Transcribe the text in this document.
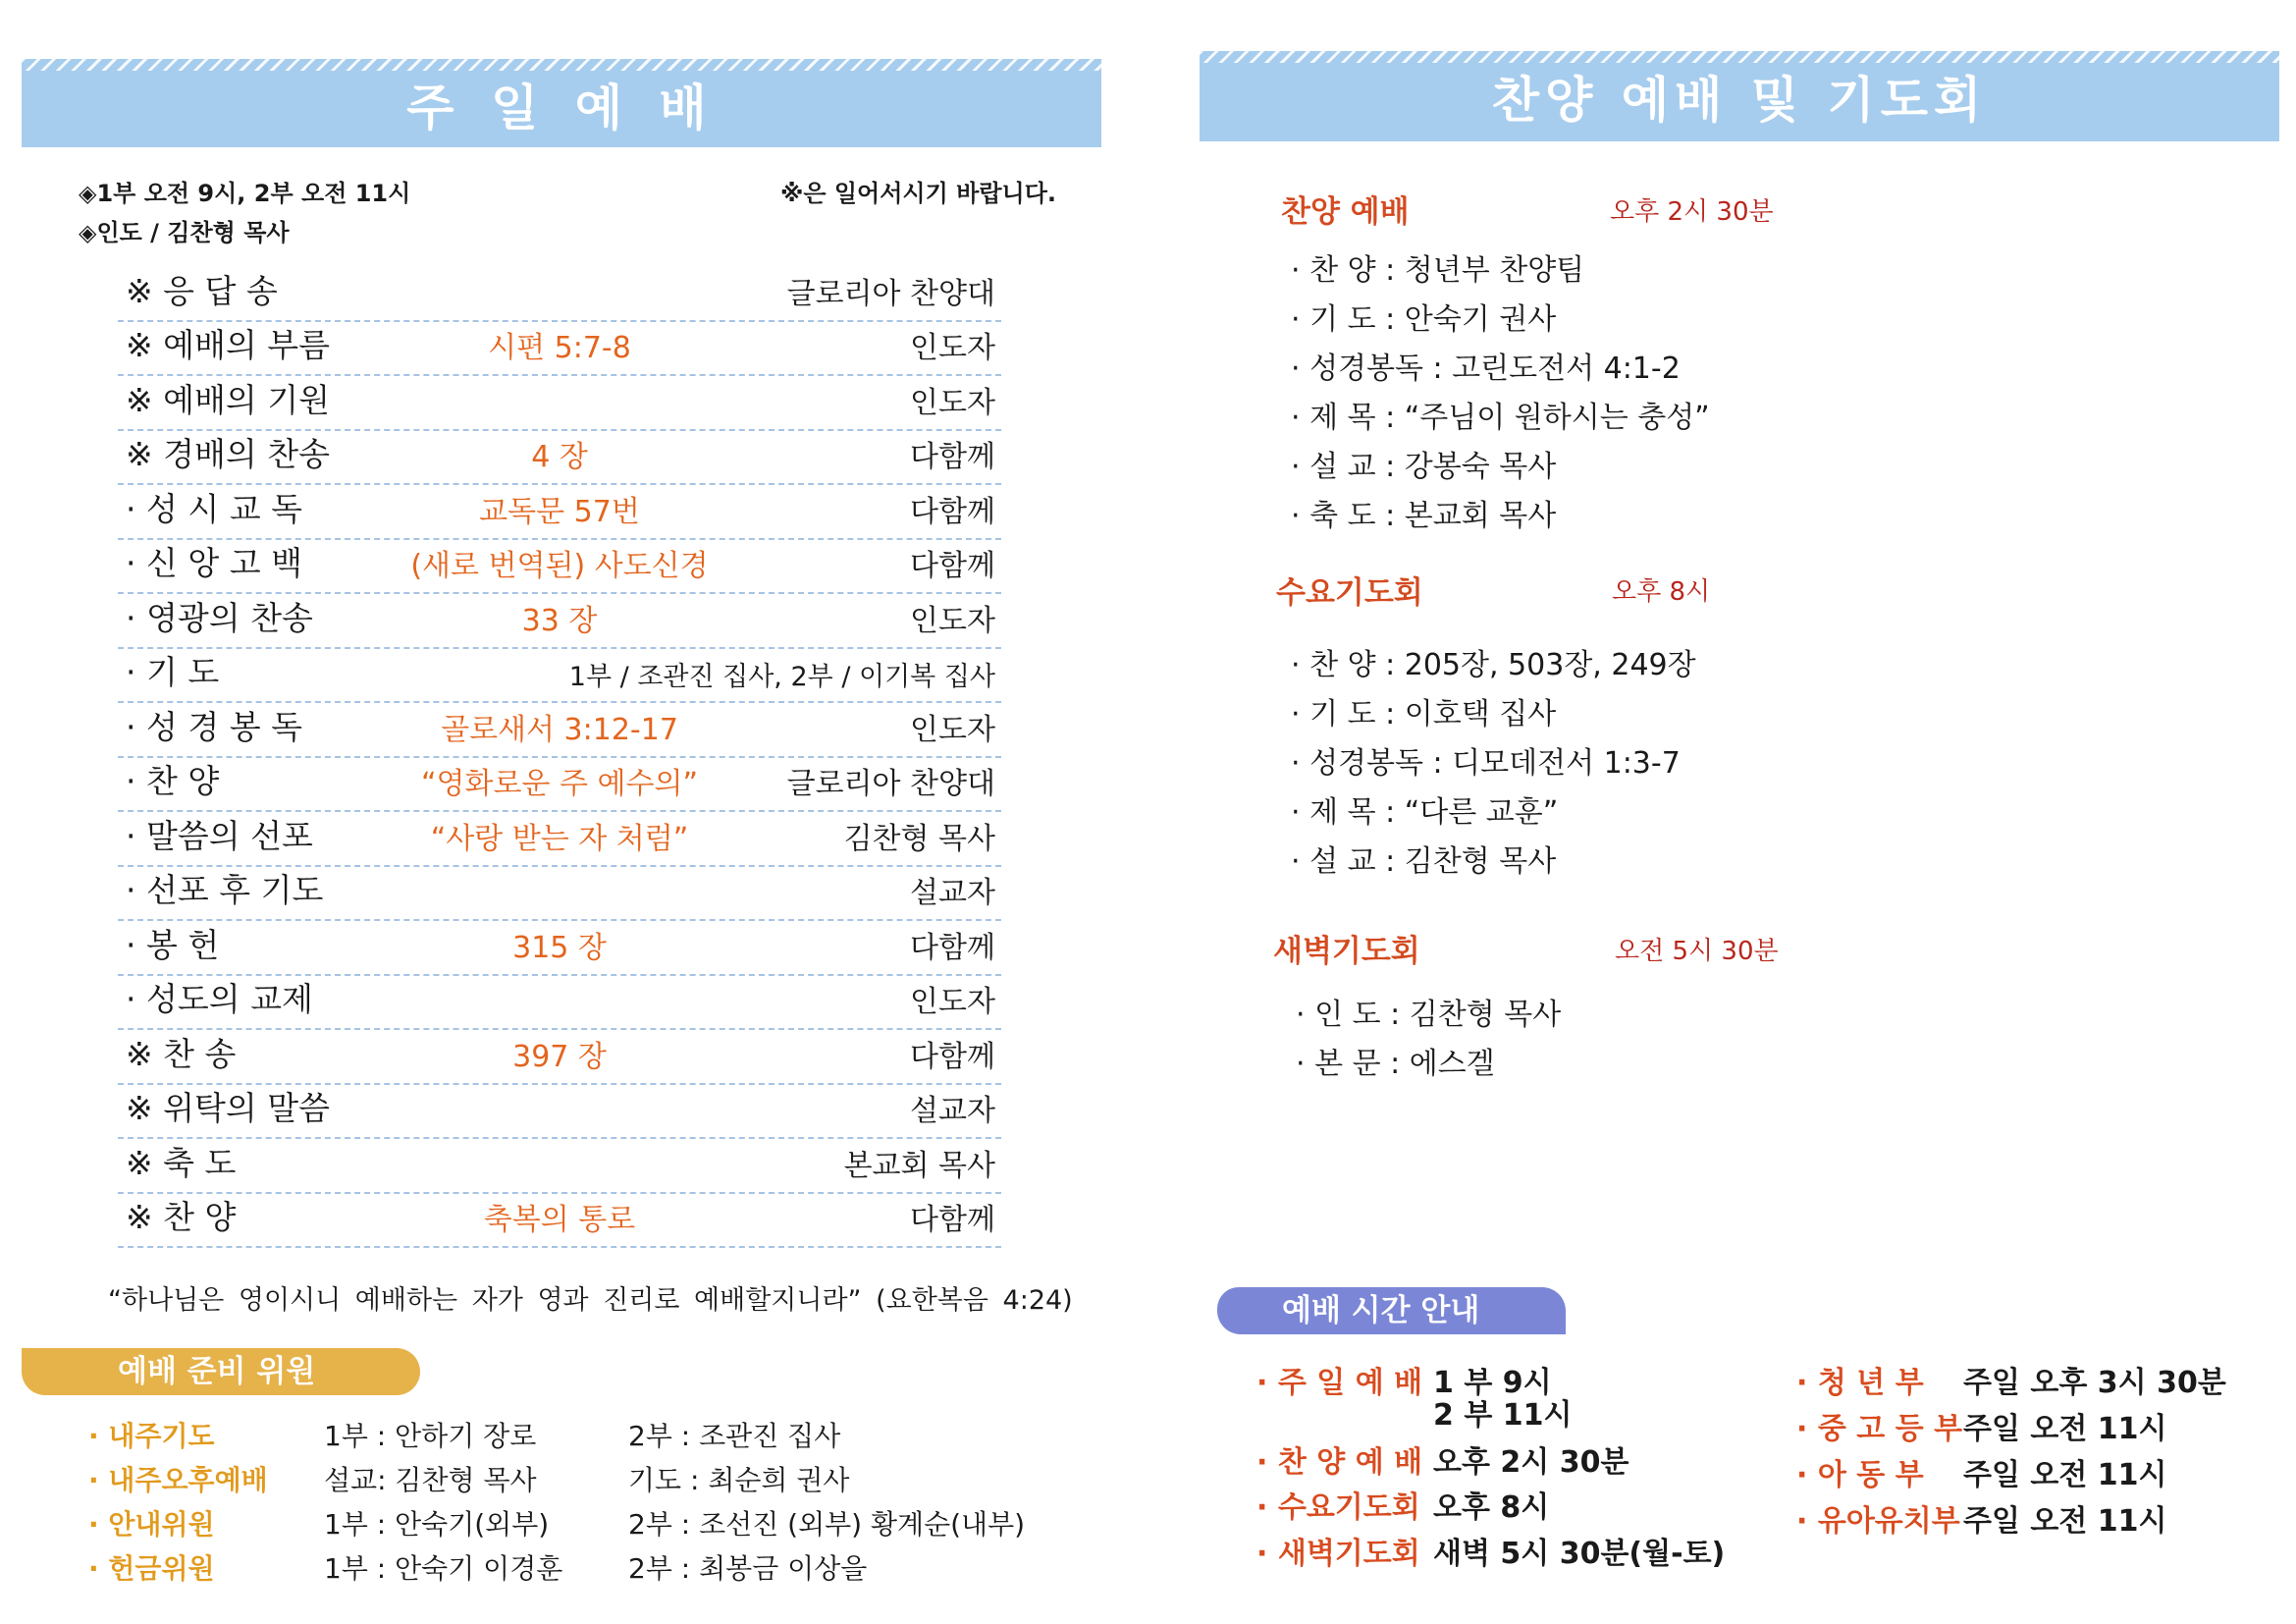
주 일 예 배
◈1부 오전 9시, 2부 오전 11시
◈인도 / 김찬형 목사
※은 일어서시기 바랍니다.
※ 응 답 송	글로리아 찬양대
※ 예배의 부름	시편 5:7-8	인도자
※ 예배의 기원	인도자
※ 경배의 찬송	4 장	다함께
· 성 시 교 독	교독문 57번	다함께
· 신 앙 고 백	(새로 번역된) 사도신경	다함께
· 영광의 찬송	33 장	인도자
· 기 도	1부 / 조관진 집사, 2부 / 이기복 집사
· 성 경 봉 독	골로새서 3:12-17	인도자
· 찬 양	“영화로운 주 예수의”	글로리아 찬양대
· 말씀의 선포	“사랑 받는 자 처럼”	김찬형 목사
· 선포 후 기도	설교자
· 봉 헌	315 장	다함께
· 성도의 교제	인도자
※ 찬 송	397 장	다함께
※ 위탁의 말씀	설교자
※ 축 도	본교회 목사
※ 찬 양	축복의 통로	다함께
“하나님은 영이시니 예배하는 자가 영과 진리로 예배할지니라” (요한복음 4:24)
예배 준비 위원
· 내주기도	1부 : 안하기 장로	2부 : 조관진 집사
· 내주오후예배 설교: 김찬형 목사	기도 : 최순희 권사
· 안내위원	1부 : 안숙기(외부)	2부 : 조선진 (외부) 황계순(내부)
· 헌금위원	1부 : 안숙기 이경훈 2부 : 최봉금 이상을
찬양 예배 및 기도회
찬양 예배	오후 2시 30분
· 찬 양 : 청년부 찬양팀
· 기 도 : 안숙기 권사
· 성경봉독 : 고린도전서 4:1-2
· 제 목 : “주님이 원하시는 충성”
· 설 교 : 강봉숙 목사
· 축 도 : 본교회 목사
수요기도회	오후 8시
· 찬 양 : 205장, 503장, 249장
· 기 도 : 이호택 집사
· 성경봉독 : 디모데전서 1:3-7
· 제 목 : “다른 교훈”
· 설 교 : 김찬형 목사
새벽기도회	오전 5시 30분
· 인 도 : 김찬형 목사
· 본 문 : 에스겔
예배 시간 안내
· 주 일 예 배 1 부 9시
2 부 11시
· 찬 양 예 배 오후 2시 30분
· 수요기도회 오후 8시
· 새벽기도회 새벽 5시 30분(월-토)
· 청 년 부 주일 오후 3시 30분
· 중 고 등 부 주일 오전 11시
· 아 동 부 주일 오전 11시
· 유아유치부 주일 오전 11시
